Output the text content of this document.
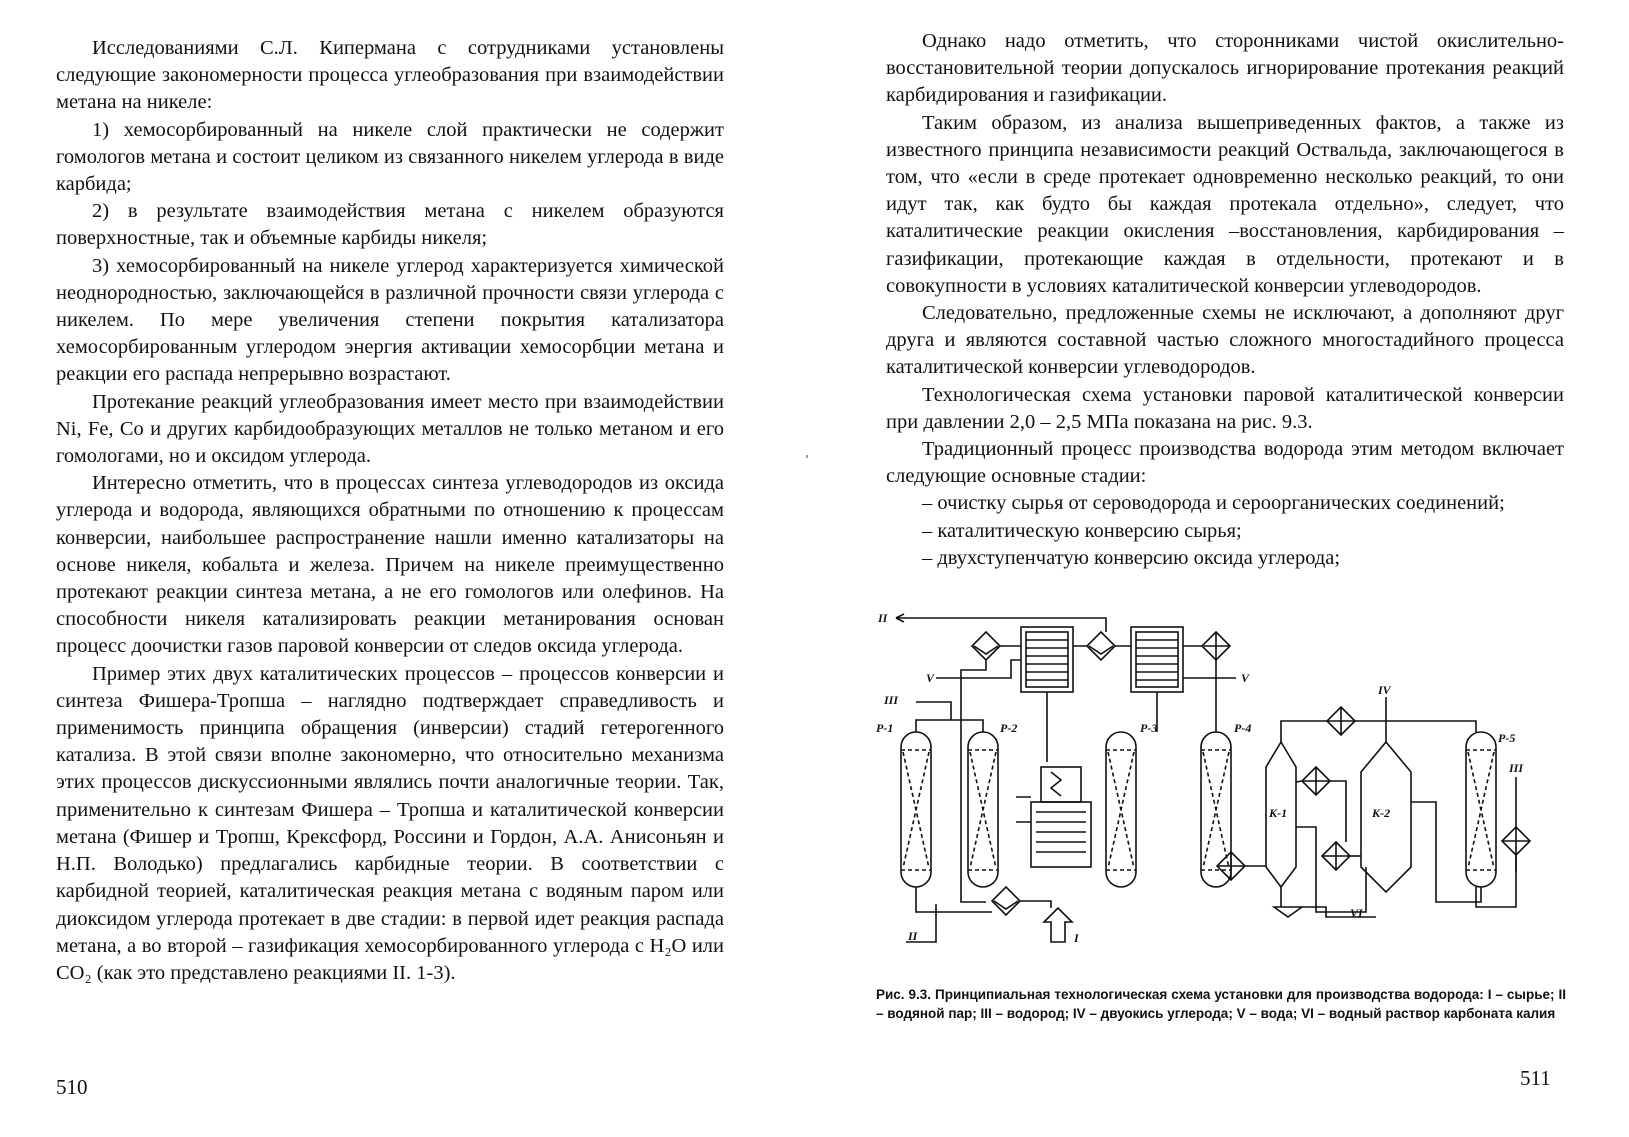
Исследованиями С.Л. Кипермана с сотрудниками установлены следующие закономерности процесса углеобразования при взаимодействии метана на никеле:

1) хемосорбированный на никеле слой практически не содержит гомологов метана и состоит целиком из связанного никелем углерода в виде карбида;

2) в результате взаимодействия метана с никелем образуются поверхностные, так и объемные карбиды никеля;

3) хемосорбированный на никеле углерод характеризуется химической неоднородностью, заключающейся в различной прочности связи углерода с никелем. По мере увеличения степени покрытия катализатора хемосорбированным углеродом энергия активации хемосорбции метана и реакции его распада непрерывно возрастают.

Протекание реакций углеобразования имеет место при взаимодействии Ni, Fe, Co и других карбидообразующих металлов не только метаном и его гомологами, но и оксидом углерода.

Интересно отметить, что в процессах синтеза углеводородов из оксида углерода и водорода, являющихся обратными по отношению к процессам конверсии, наибольшее распространение нашли именно катализаторы на основе никеля, кобальта и железа. Причем на никеле преимущественно протекают реакции синтеза метана, а не его гомологов или олефинов. На способности никеля катализировать реакции метанирования основан процесс доочистки газов паровой конверсии от следов оксида углерода.

Пример этих двух каталитических процессов – процессов конверсии и синтеза Фишера-Тропша – наглядно подтверждает справедливость и применимость принципа обращения (инверсии) стадий гетерогенного катализа. В этой связи вполне закономерно, что относительно механизма этих процессов дискуссионными являлись почти аналогичные теории. Так, применительно к синтезам Фишера – Тропша и каталитической конверсии метана (Фишер и Тропш, Крексфорд, Россини и Гордон, А.А. Анисоньян и Н.П. Володько) предлагались карбидные теории. В соответствии с карбидной теорией, каталитическая реакция метана с водяным паром или диоксидом углерода протекает в две стадии: в первой идет реакция распада метана, а во второй – газификация хемосорбированного углерода с H₂O или CO₂ (как это представлено реакциями II. 1-3).

510

Однако надо отметить, что сторонниками чистой окислительно-восстановительной теории допускалось игнорирование протекания реакций карбидирования и газификации.

Таким образом, из анализа вышеприведенных фактов, а также из известного принципа независимости реакций Оствальда, заключающегося в том, что «если в среде протекает одновременно несколько реакций, то они идут так, как будто бы каждая протекала отдельно», следует, что каталитические реакции окисления –восстановления, карбидирования – газификации, протекающие каждая в отдельности, протекают и в совокупности в условиях каталитической конверсии углеводородов.

Следовательно, предложенные схемы не исключают, а дополняют друг друга и являются составной частью сложного многостадийного процесса каталитической конверсии углеводородов.

Технологическая схема установки паровой каталитической конверсии при давлении 2,0 – 2,5 МПа показана на рис. 9.3.

Традиционный процесс производства водорода этим методом включает следующие основные стадии:

– очистку сырья от сероводорода и сероорганических соединений;

– каталитическую конверсию сырья;

– двухступенчатую конверсию оксида углерода;

II
V	V
III
IV
III
II	I
VI
Р-1	Р-2	Р-3	Р-4
Р-5
К-1	К-2
Рис. 9.3. Принципиальная технологическая схема установки для производства водорода: I – сырье; II – водяной пар; III – водород; IV – двуокись углерода; V – вода; VI – водный раствор карбоната калия
511
